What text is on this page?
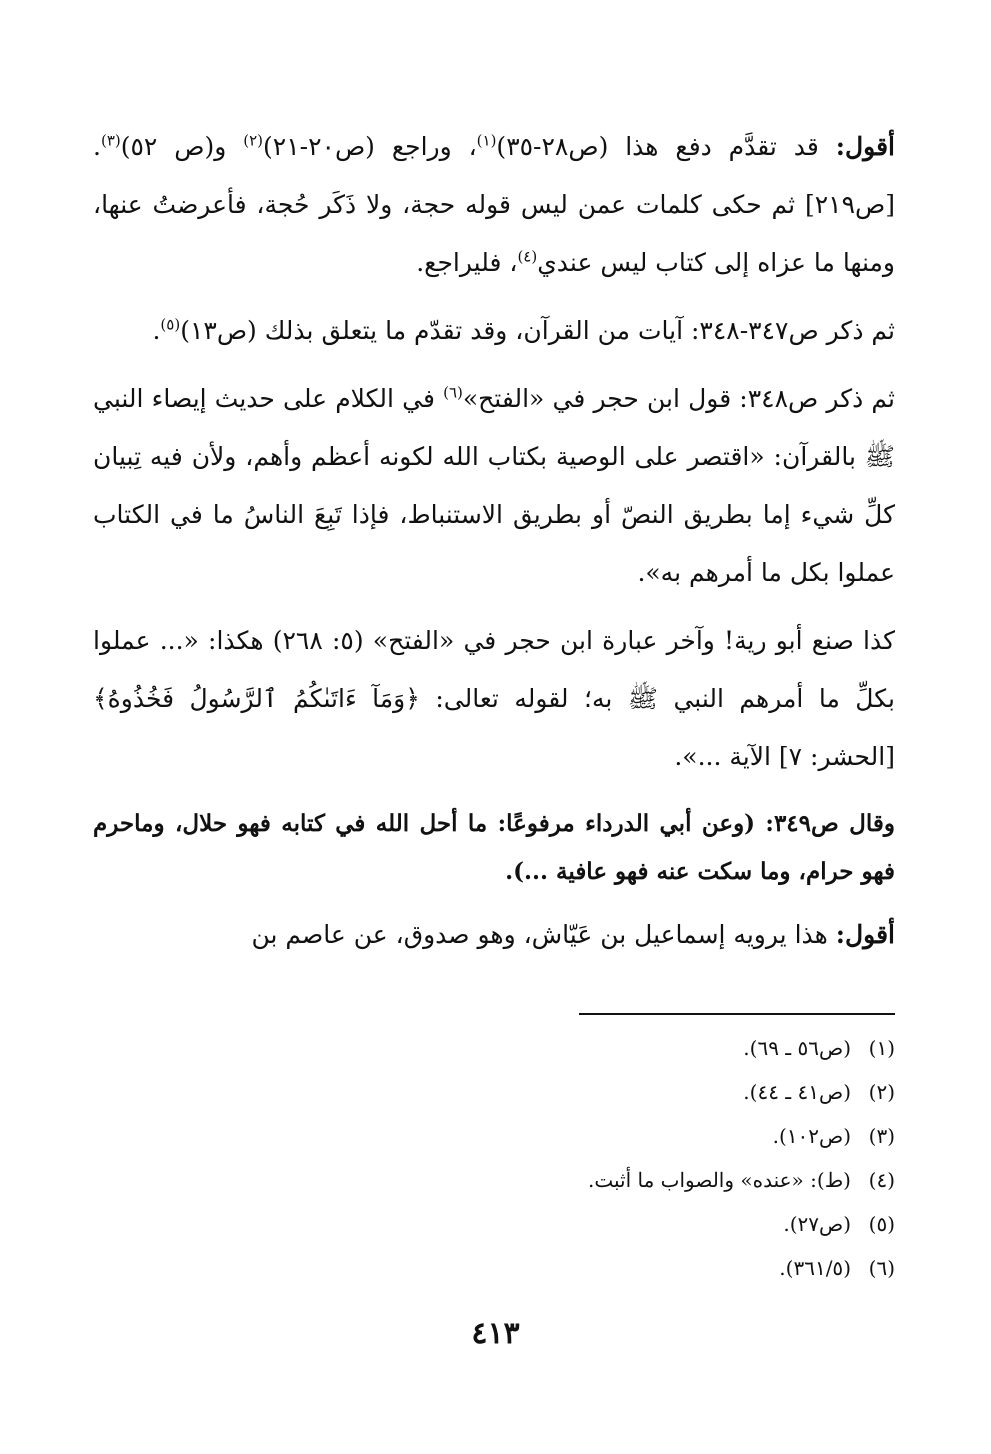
أقول: قد تقدَّم دفع هذا (ص٢٨-٣٥)$^{(١)}$، وراجع (ص٢٠-٢١)$^{(٢)}$ و(ص ٥٢)$^{(٣)}$. [ص٢١٩] ثم حكى كلمات عمن ليس قوله حجة، ولا ذَكَر حُجة، فأعرضتُ عنها، ومنها ما عزاه إلى كتاب ليس عندي$^{(٤)}$، فليراجع.

ثم ذكر ص٣٤٧-٣٤٨: آيات من القرآن، وقد تقدّم ما يتعلق بذلك (ص١٣)$^{(٥)}$.

ثم ذكر ص٣٤٨: قول ابن حجر في «الفتح»$^{(٦)}$ في الكلام على حديث إيصاء النبي ﷺ بالقرآن: «اقتصر على الوصية بكتاب الله لكونه أعظم وأهم، ولأن فيه تِبيان كلِّ شيء إما بطريق النصّ أو بطريق الاستنباط، فإذا تَبِعَ الناسُ ما في الكتاب عملوا بكل ما أمرهم به».

كذا صنع أبو رية! وآخر عبارة ابن حجر في «الفتح» (٥: ٢٦٨) هكذا: «... عملوا بكلِّ ما أمرهم النبي ﷺ به؛ لقوله تعالى: ﴿وَمَآ ءَاتَىٰكُمُ ٱلرَّسُولُ فَخُذُوهُ﴾ [الحشر: ٧] الآية ...».

وقال ص٣٤٩: (وعن أبي الدرداء مرفوعًا: ما أحل الله في كتابه فهو حلال، وماحرم فهو حرام، وما سكت عنه فهو عافية ...).

أقول: هذا يرويه إسماعيل بن عَيّاش، وهو صدوق، عن عاصم بن

(١)(ص٥٦ ـ ٦٩).
(٢)(ص٤١ ـ ٤٤).
(٣)(ص١٠٢).
(٤)(ط): «عنده» والصواب ما أثبت.
(٥)(ص٢٧).
(٦)(٣٦١/٥).
٤١٣
